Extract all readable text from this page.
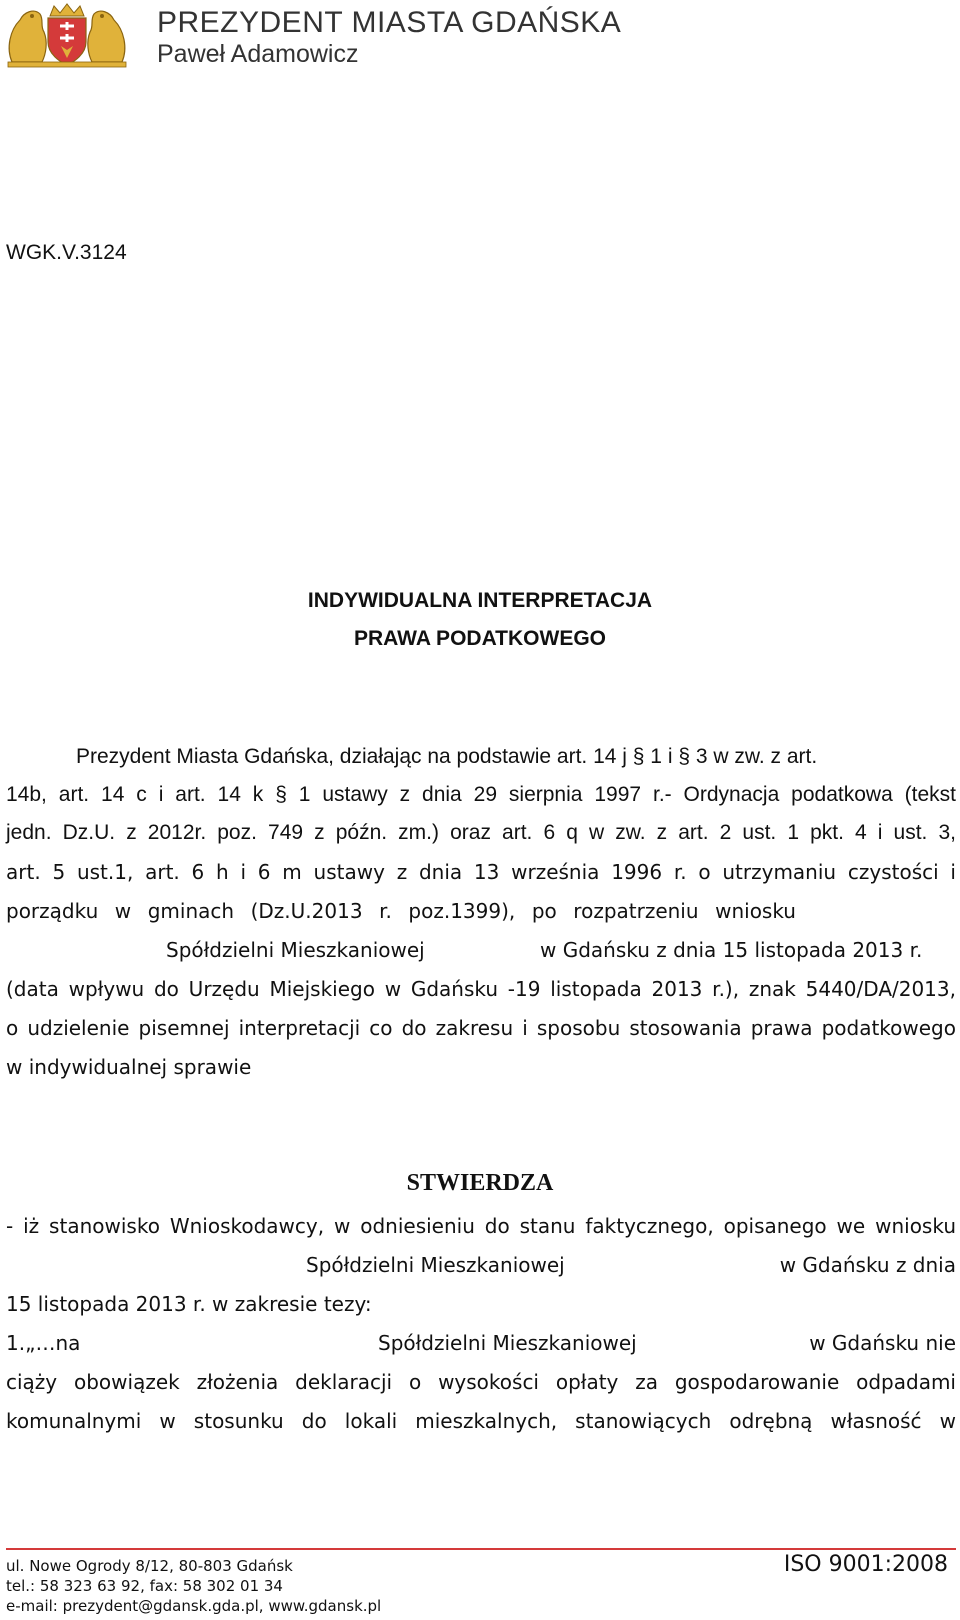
PREZYDENT MIASTA GDAŃSKA
Paweł Adamowicz
WGK.V.3124
INDYWIDUALNA INTERPRETACJA
PRAWA PODATKOWEGO
Prezydent Miasta Gdańska, działając na podstawie art. 14 j § 1 i § 3 w zw. z art.
14b, art. 14 c i art. 14 k § 1 ustawy z dnia 29 sierpnia 1997 r.- Ordynacja podatkowa (tekst
jedn. Dz.U. z 2012r. poz. 749 z późn. zm.) oraz art. 6 q w zw. z art. 2 ust. 1 pkt. 4 i ust. 3,
art. 5 ust.1, art. 6 h i 6 m ustawy z dnia 13 września 1996 r. o utrzymaniu czystości i
porządku w gminach (Dz.U.2013 r. poz.1399), po rozpatrzeniu wniosku
Spółdzielni Mieszkaniowej	w Gdańsku z dnia 15 listopada 2013 r.
(data wpływu do Urzędu Miejskiego w Gdańsku -19 listopada 2013 r.), znak 5440/DA/2013,
o udzielenie pisemnej interpretacji co do zakresu i sposobu stosowania prawa podatkowego
w indywidualnej sprawie
STWIERDZA
- iż stanowisko Wnioskodawcy, w odniesieniu do stanu faktycznego, opisanego we wniosku
Spółdzielni Mieszkaniowej	w Gdańsku z dnia
15 listopada 2013 r. w zakresie tezy:
1.„…na	Spółdzielni Mieszkaniowej	w Gdańsku nie
ciąży obowiązek złożenia deklaracji o wysokości opłaty za gospodarowanie odpadami
komunalnymi w stosunku do lokali mieszkalnych, stanowiących odrębną własność w
ul. Nowe Ogrody 8/12, 80-803 Gdańsk
tel.: 58 323 63 92, fax: 58 302 01 34
e-mail: prezydent@gdansk.gda.pl, www.gdansk.pl
ISO 9001:2008
